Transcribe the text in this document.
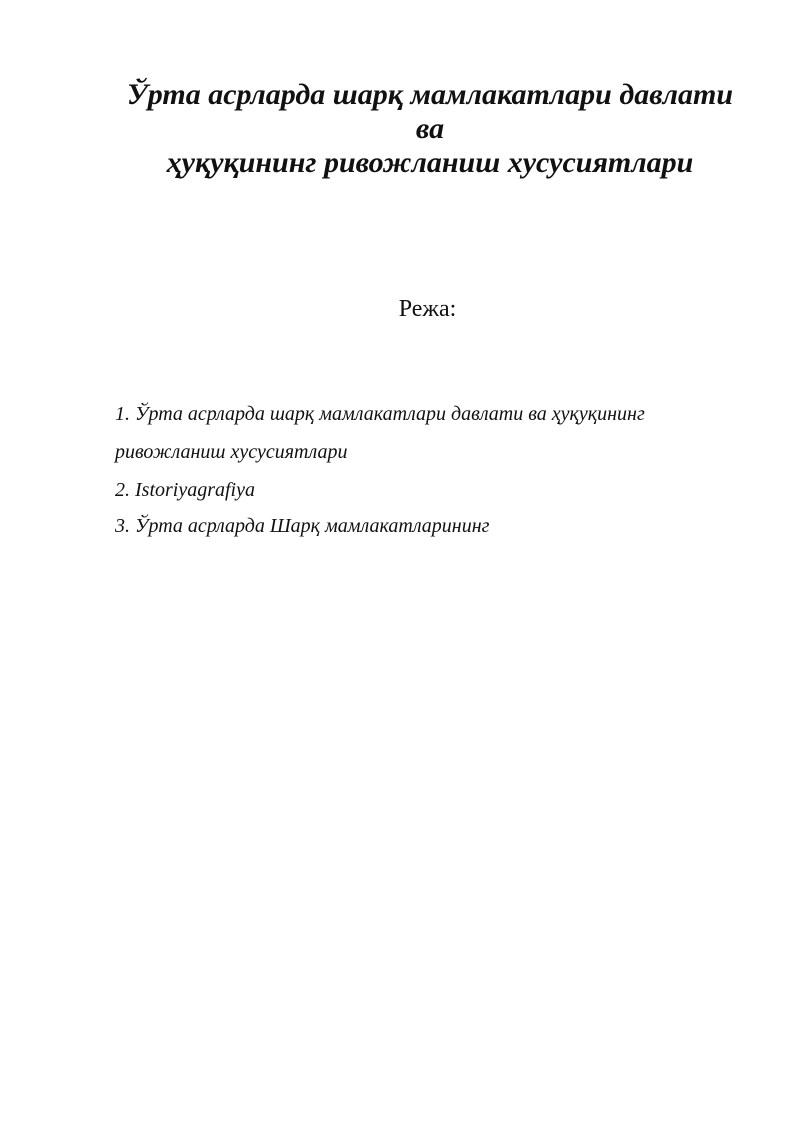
Ўрта асрларда шарқ мамлакатлари давлати
ва
ҳуқуқининг ривожланиш хусусиятлари
Режа:
1. Ўрта асрларда шарқ мамлакатлари давлати ва ҳуқуқининг
ривожланиш хусусиятлари
2. Istoriyagrafiya
3. Ўрта асрларда Шарқ мамлакатларининг
